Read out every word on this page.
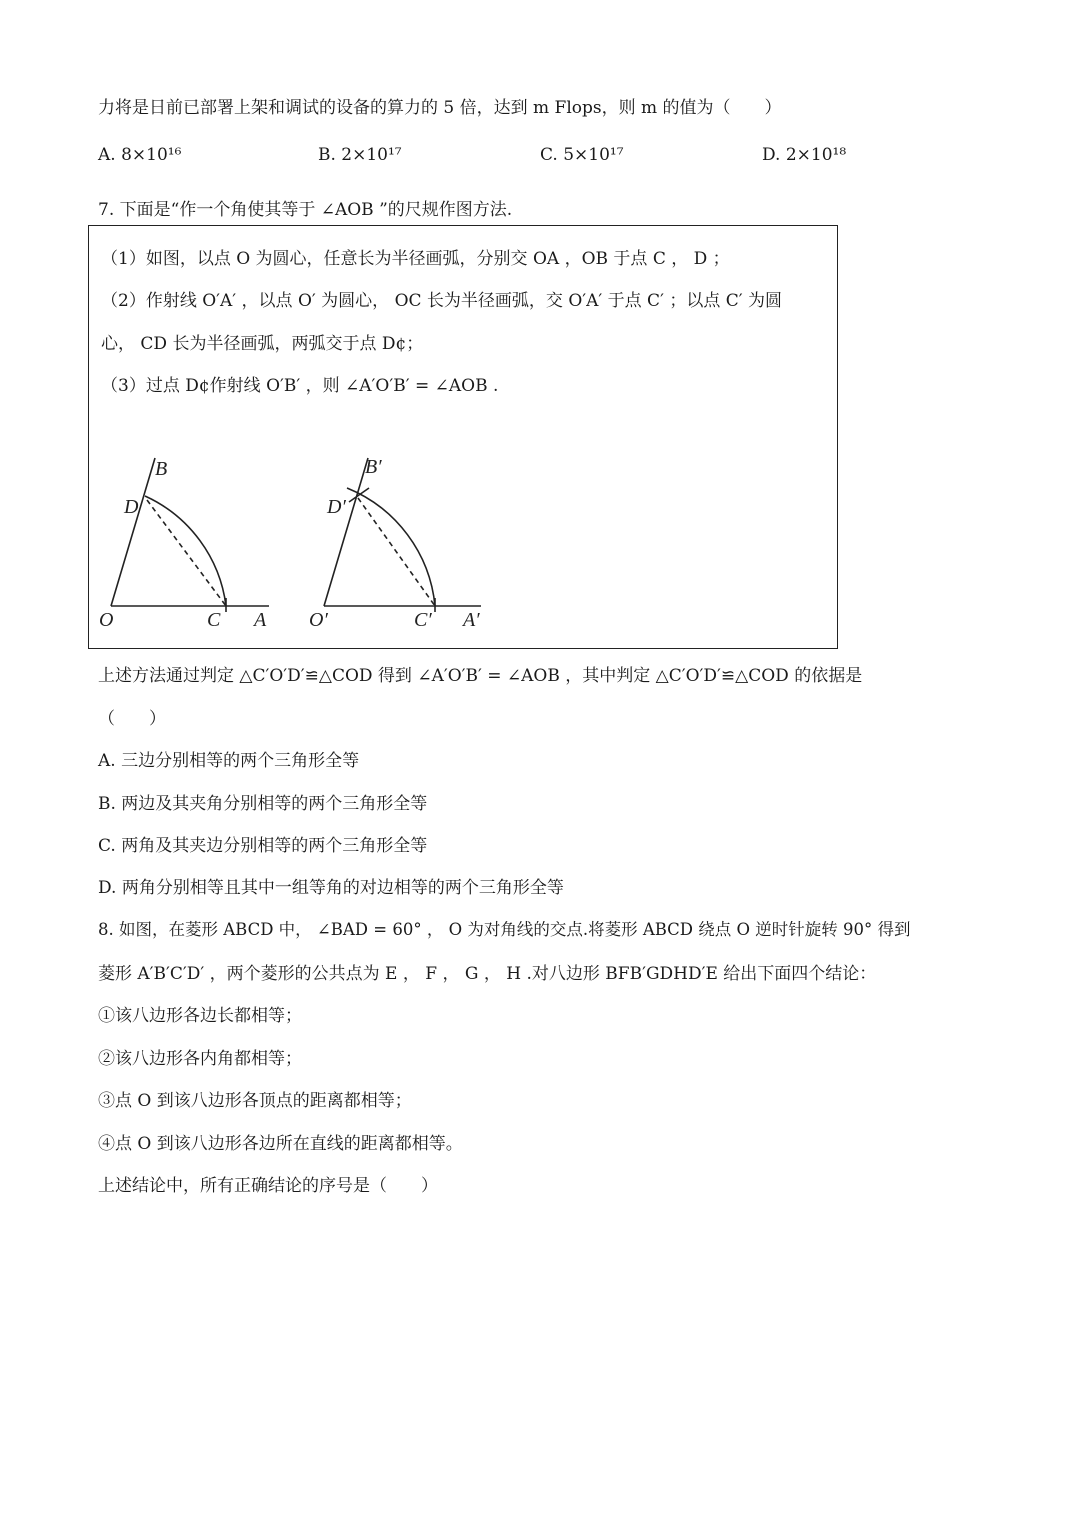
力将是日前已部署上架和调试的设备的算力的 5 倍，达到 m Flops，则 m 的值为（　　）
A. 8×10¹⁶	B. 2×10¹⁷	C. 5×10¹⁷	D. 2×10¹⁸
7. 下面是“作一个角使其等于 ∠AOB ”的尺规作图方法.
（1）如图，以点 O 为圆心，任意长为半径画弧，分别交 OA ，OB 于点 C ， D ；
（2）作射线 O′A′ ，以点 O′ 为圆心， OC 长为半径画弧，交 O′A′ 于点 C′ ；以点 C′ 为圆
心， CD 长为半径画弧，两弧交于点 D¢；
（3）过点 D¢作射线 O′B′ ，则 ∠A′O′B′ = ∠AOB .
B
D
O	C A
B′
D′
O′	C′ A′
上述方法通过判定 △C′O′D′≌△COD 得到 ∠A′O′B′ = ∠AOB ，其中判定 △C′O′D′≌△COD 的依据是
（　　）
A. 三边分别相等的两个三角形全等
B. 两边及其夹角分别相等的两个三角形全等
C. 两角及其夹边分别相等的两个三角形全等
D. 两角分别相等且其中一组等角的对边相等的两个三角形全等
8. 如图，在菱形 ABCD 中， ∠BAD = 60° ， O 为对角线的交点.将菱形 ABCD 绕点 O 逆时针旋转 90° 得到
菱形 A′B′C′D′ ，两个菱形的公共点为 E ， F ， G ， H .对八边形 BFB′GDHD′E 给出下面四个结论：
①该八边形各边长都相等；
②该八边形各内角都相等；
③点 O 到该八边形各顶点的距离都相等；
④点 O 到该八边形各边所在直线的距离都相等。
上述结论中，所有正确结论的序号是（　　）
